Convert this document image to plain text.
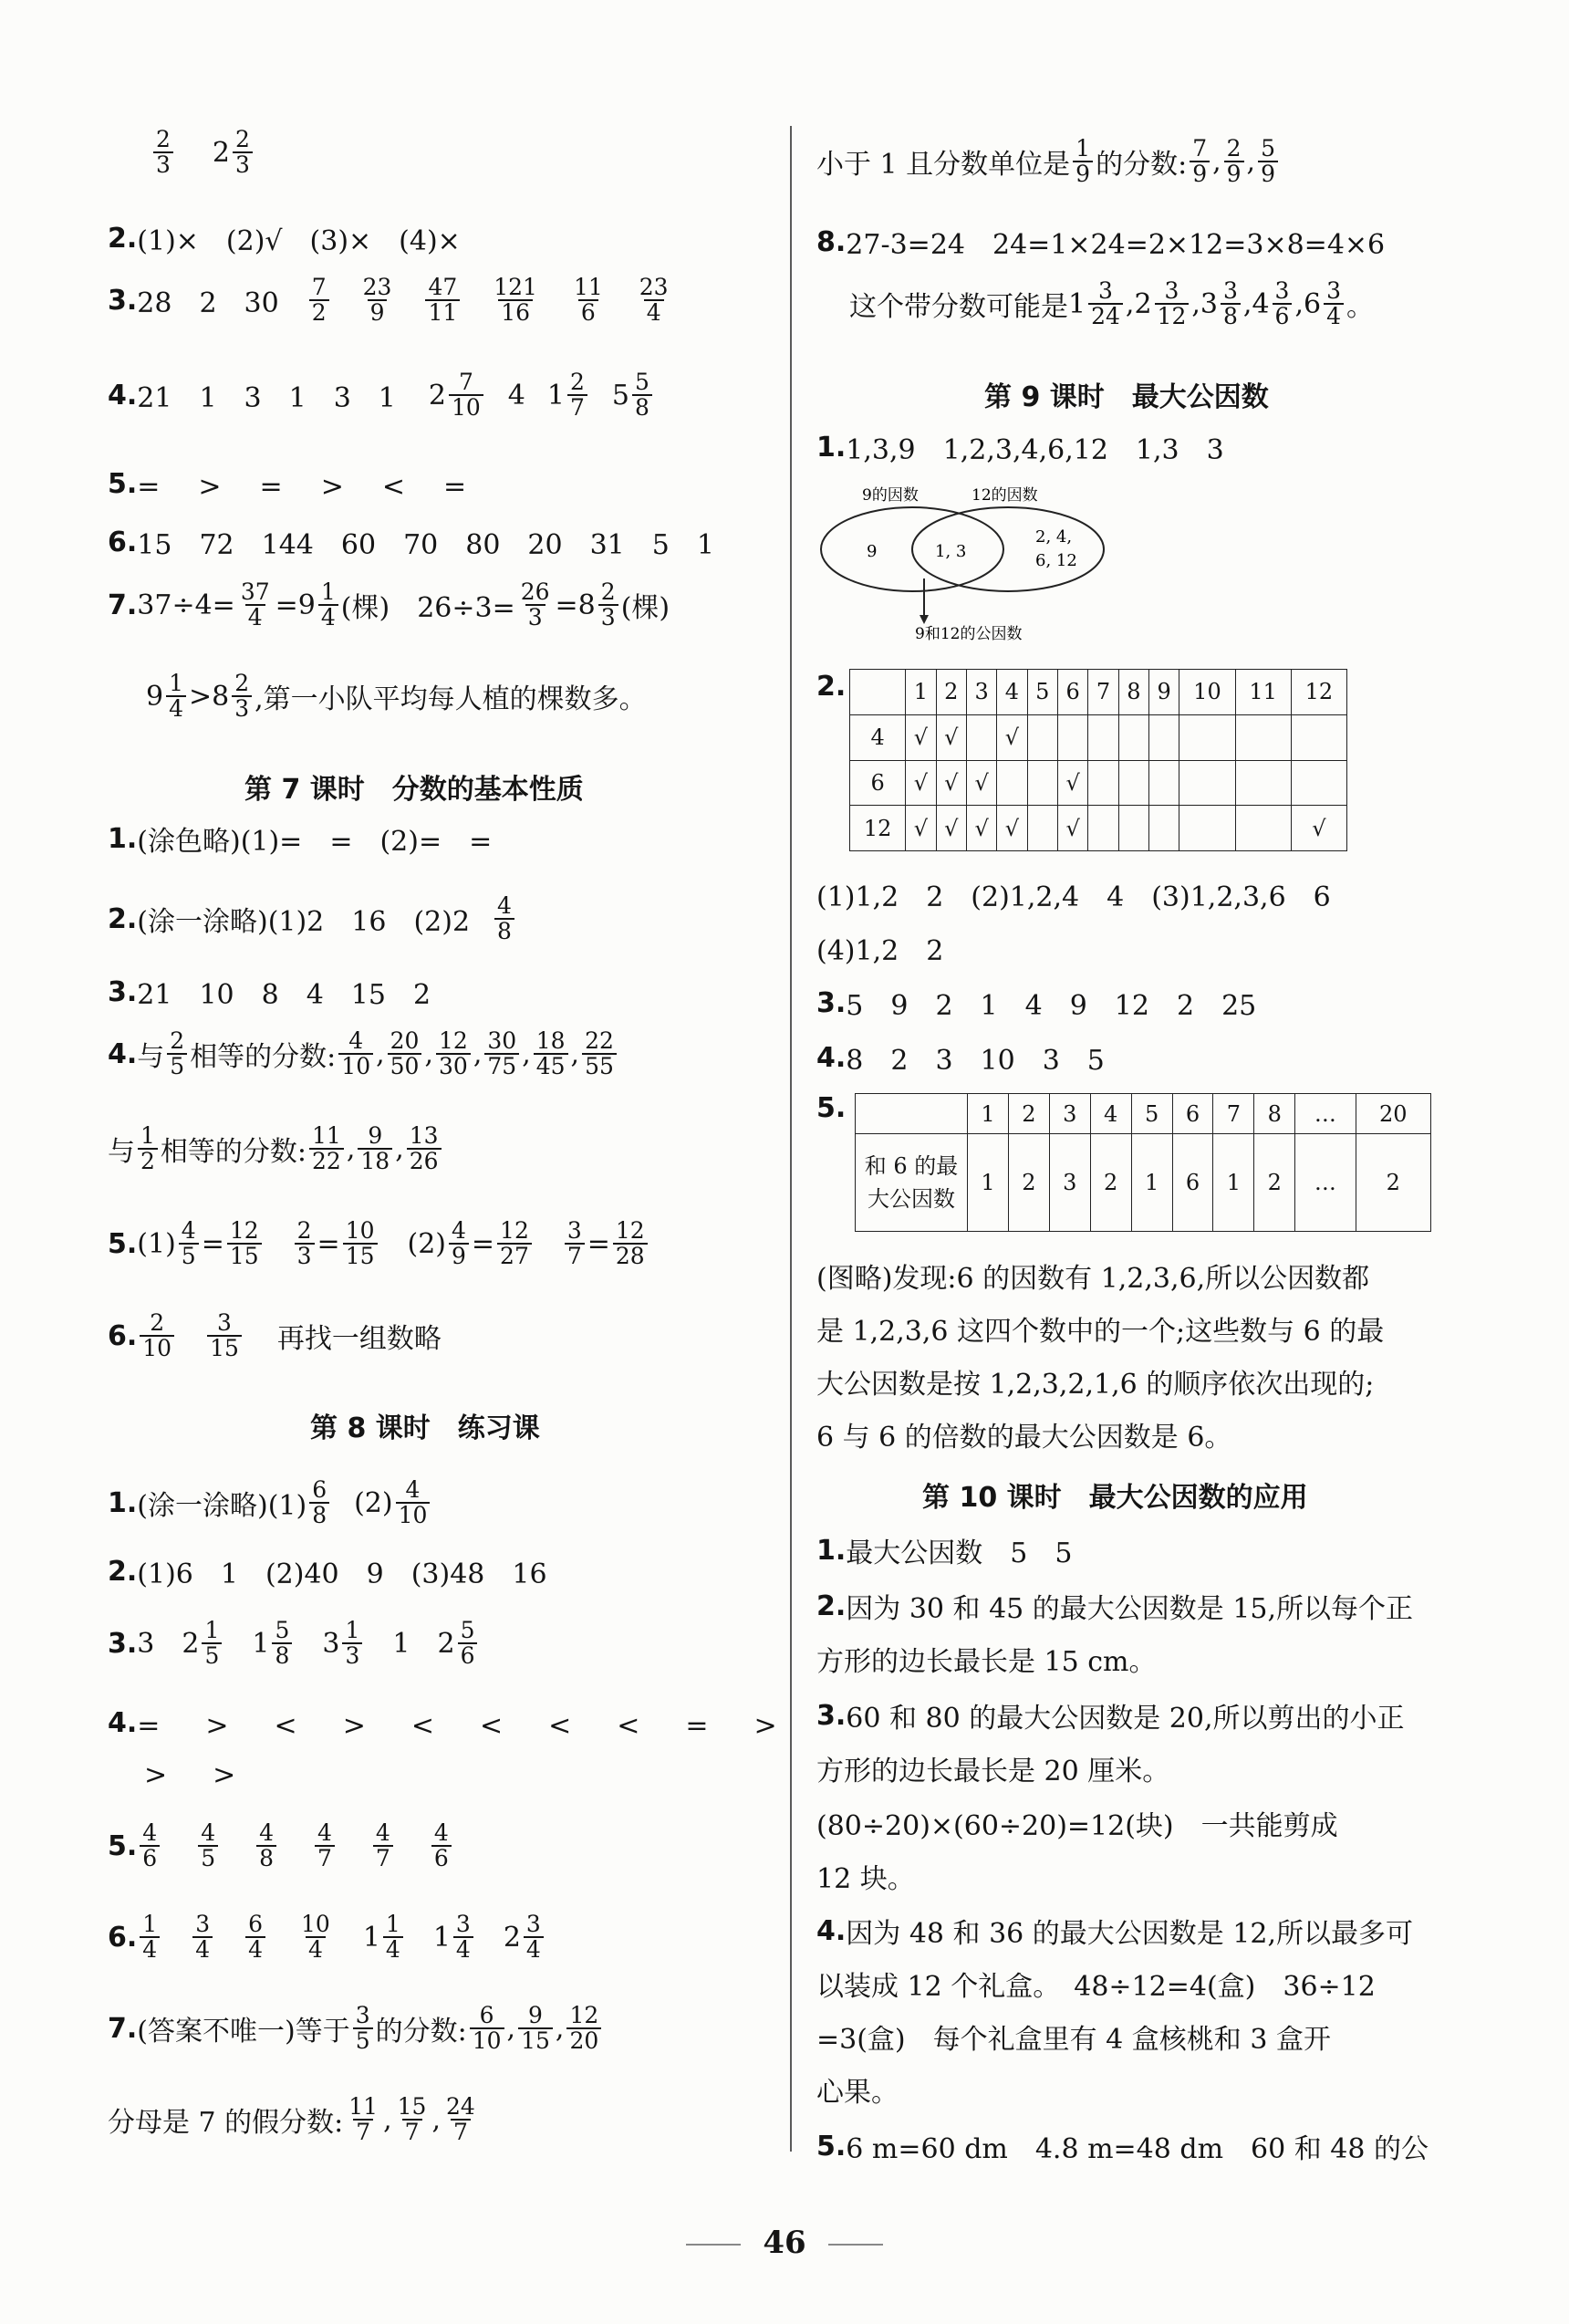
$\frac{2}{3} 2 \frac{2}{3}$
2. (1)×　(2)√　(3)×　(4)×
3. 28　2　$30 \frac{7}{2} \frac{23}{9} \frac{47}{11} \frac{121}{16} \frac{11}{6} \frac{23}{4}$
4. 21　1　3　1　3　1 $2 \frac{7}{10} 4$ $1 \frac{2}{7} 5 \frac{5}{8}$
5. =　>　=　>　<　=
6. 15　72　144　60　70　80　20　31　5　1
7. $37\div 4= \frac{37}{4} =9 \frac{1}{4}$ (棵)　$26\div 3= \frac{26}{3} =8 \frac{2}{3}$ (棵)
$9 \frac{1}{4} >8 \frac{2}{3}$ ,第一小队平均每人植的棵数多。
第 7 课时　分数的基本性质
1. (涂色略)(1)=　=　(2)=　=
2. (涂一涂略)(1)2　16　$(2)2 \frac{4}{8}$
3. 21　10　8　4　15　2
4. 与 $\frac{2}{5}$ 相等的分数: $\frac{4}{10}$ , $\frac{20}{50}$ , $\frac{12}{30}$ , $\frac{30}{75}$ , $\frac{18}{45}$ , $\frac{22}{55}$
与 $\frac{1}{2}$ 相等的分数: $\frac{11}{22}$ , $\frac{9}{18}$ , $\frac{13}{26}$
5. $(1) \frac{4}{5} = \frac{12}{15} \frac{2}{3} = \frac{10}{15} (2) \frac{4}{9} = \frac{12}{27} \frac{3}{7} = \frac{12}{28}$
6. $\frac{2}{10} \frac{3}{15}$ 再找一组数略
第 8 课时　练习课
1. (涂一涂略)$(1) \frac{6}{8} (2) \frac{4}{10}$
2. (1)6　1　(2)40　9　(3)48　16
3. 3 $2 \frac{1}{5} 1 \frac{5}{8} 3 \frac{1}{3} 1$ $2 \frac{5}{6}$
4. =　>　<　>　<　<　<　<　=　>
>　>
5. $\frac{4}{6} \frac{4}{5} \frac{4}{8} \frac{4}{7} \frac{4}{7} \frac{4}{6}$
6. $\frac{1}{4} \frac{3}{4} \frac{6}{4} \frac{10}{4} 1 \frac{1}{4} 1 \frac{3}{4} 2 \frac{3}{4}$
7. (答案不唯一)等于 $\frac{3}{5}$ 的分数: $\frac{6}{10}$ , $\frac{9}{15}$ , $\frac{12}{20}$
分母是 7 的假分数: $\frac{11}{7}$ , $\frac{15}{7}$ , $\frac{24}{7}$
小于 1 且分数单位是 $\frac{1}{9}$ 的分数: $\frac{7}{9}$ , $\frac{2}{9}$ , $\frac{5}{9}$
8. 27-3=24　24=1×24=2×12=3×8=4×6
这个带分数可能是 $1 \frac{3}{24}$ , $2 \frac{3}{12}$ , $3 \frac{3}{8}$ , $4 \frac{3}{6}$ , $6 \frac{3}{4}$ 。
第 9 课时　最大公因数
1. 1,3,9　1,2,3,4,6,12　1,3　3
9的因数	12的因数
9	1, 3
2, 4,
6, 12
9和12的公因数
2.
		1	2	3	4	5	6	7	8	9	10	11	12
4	√	√		√								
6	√	√	√			√						
12	√	√	√	√		√						√
(1)1,2　2　(2)1,2,4　4　(3)1,2,3,6　6
(4)1,2　2
3. 5　9　2　1　4　9　12　2　25
4. 8　2　3　10　3　5
5.
		1	2	3	4	5	6	7	8	…	20
和 6 的最
大公因数	1	2	3	2	1	6	1	2	…	2
(图略)发现:6 的因数有 1,2,3,6,所以公因数都
是 1,2,3,6 这四个数中的一个;这些数与 6 的最
大公因数是按 1,2,3,2,1,6 的顺序依次出现的;
6 与 6 的倍数的最大公因数是 6。
第 10 课时　最大公因数的应用
1. 最大公因数　5　5
2. 因为 30 和 45 的最大公因数是 15,所以每个正
方形的边长最长是 15 cm。
3. 60 和 80 的最大公因数是 20,所以剪出的小正
方形的边长最长是 20 厘米。
(80÷20)×(60÷20)=12(块)　一共能剪成
12 块。
4. 因为 48 和 36 的最大公因数是 12,所以最多可
以装成 12 个礼盒。　48÷12=4(盒)　36÷12
=3(盒)　每个礼盒里有 4 盒核桃和 3 盒开
心果。
5. 6 m=60 dm　4.8 m=48 dm　60 和 48 的公
46
